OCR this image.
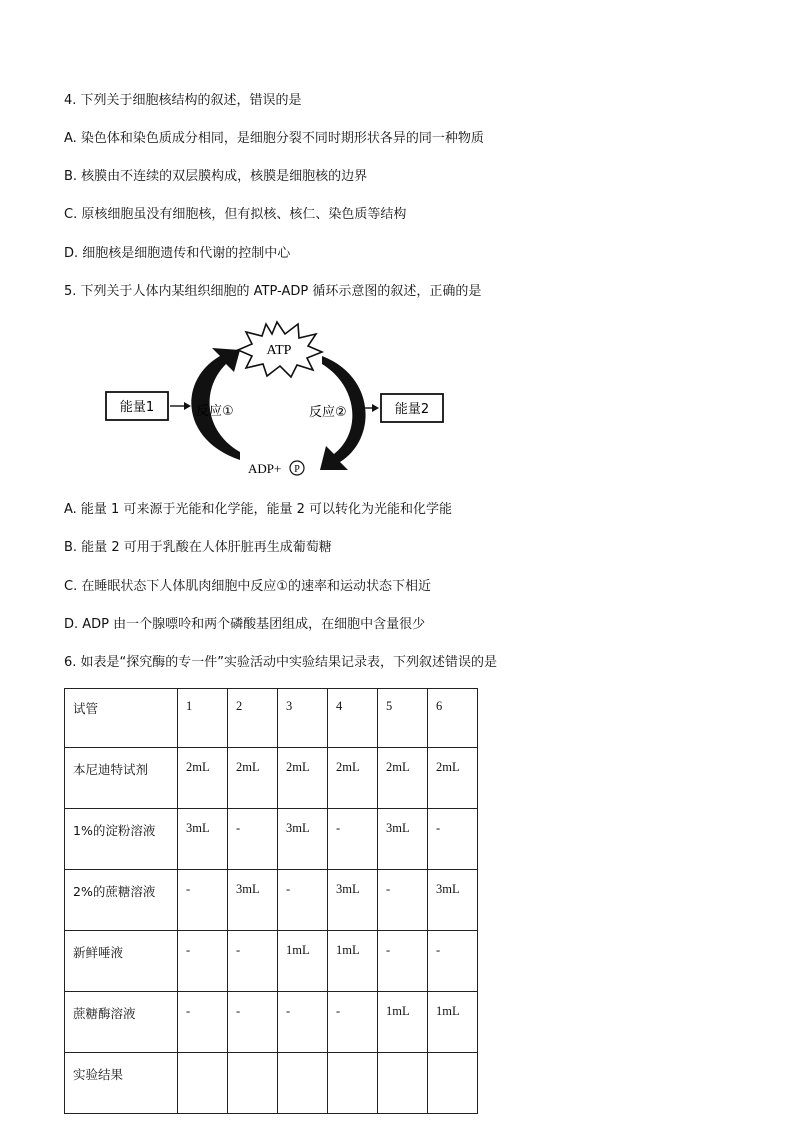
4. 下列关于细胞核结构的叙述，错误的是
A. 染色体和染色质成分相同，是细胞分裂不同时期形状各异的同一种物质
B. 核膜由不连续的双层膜构成，核膜是细胞核的边界
C. 原核细胞虽没有细胞核，但有拟核、核仁、染色质等结构
D. 细胞核是细胞遗传和代谢的控制中心
5. 下列关于人体内某组织细胞的 ATP-ADP 循环示意图的叙述，正确的是
ATP
能量1	反应①	反应②	能量2
ADP+ P
A. 能量 1 可来源于光能和化学能，能量 2 可以转化为光能和化学能
B. 能量 2 可用于乳酸在人体肝脏再生成葡萄糖
C. 在睡眠状态下人体肌肉细胞中反应①的速率和运动状态下相近
D. ADP 由一个腺嘌呤和两个磷酸基团组成，在细胞中含量很少
6. 如表是“探究酶的专一件”实验活动中实验结果记录表，下列叙述错误的是
试管	1	2	3	4	5	6
本尼迪特试剂	2mL	2mL	2mL	2mL	2mL	2mL
1%的淀粉溶液	3mL	-	3mL	-	3mL	-
2%的蔗糖溶液	-	3mL	-	3mL	-	3mL
新鲜唾液	-	-	1mL	1mL	-	-
蔗糖酶溶液	-	-	-	-	1mL	1mL
实验结果						
